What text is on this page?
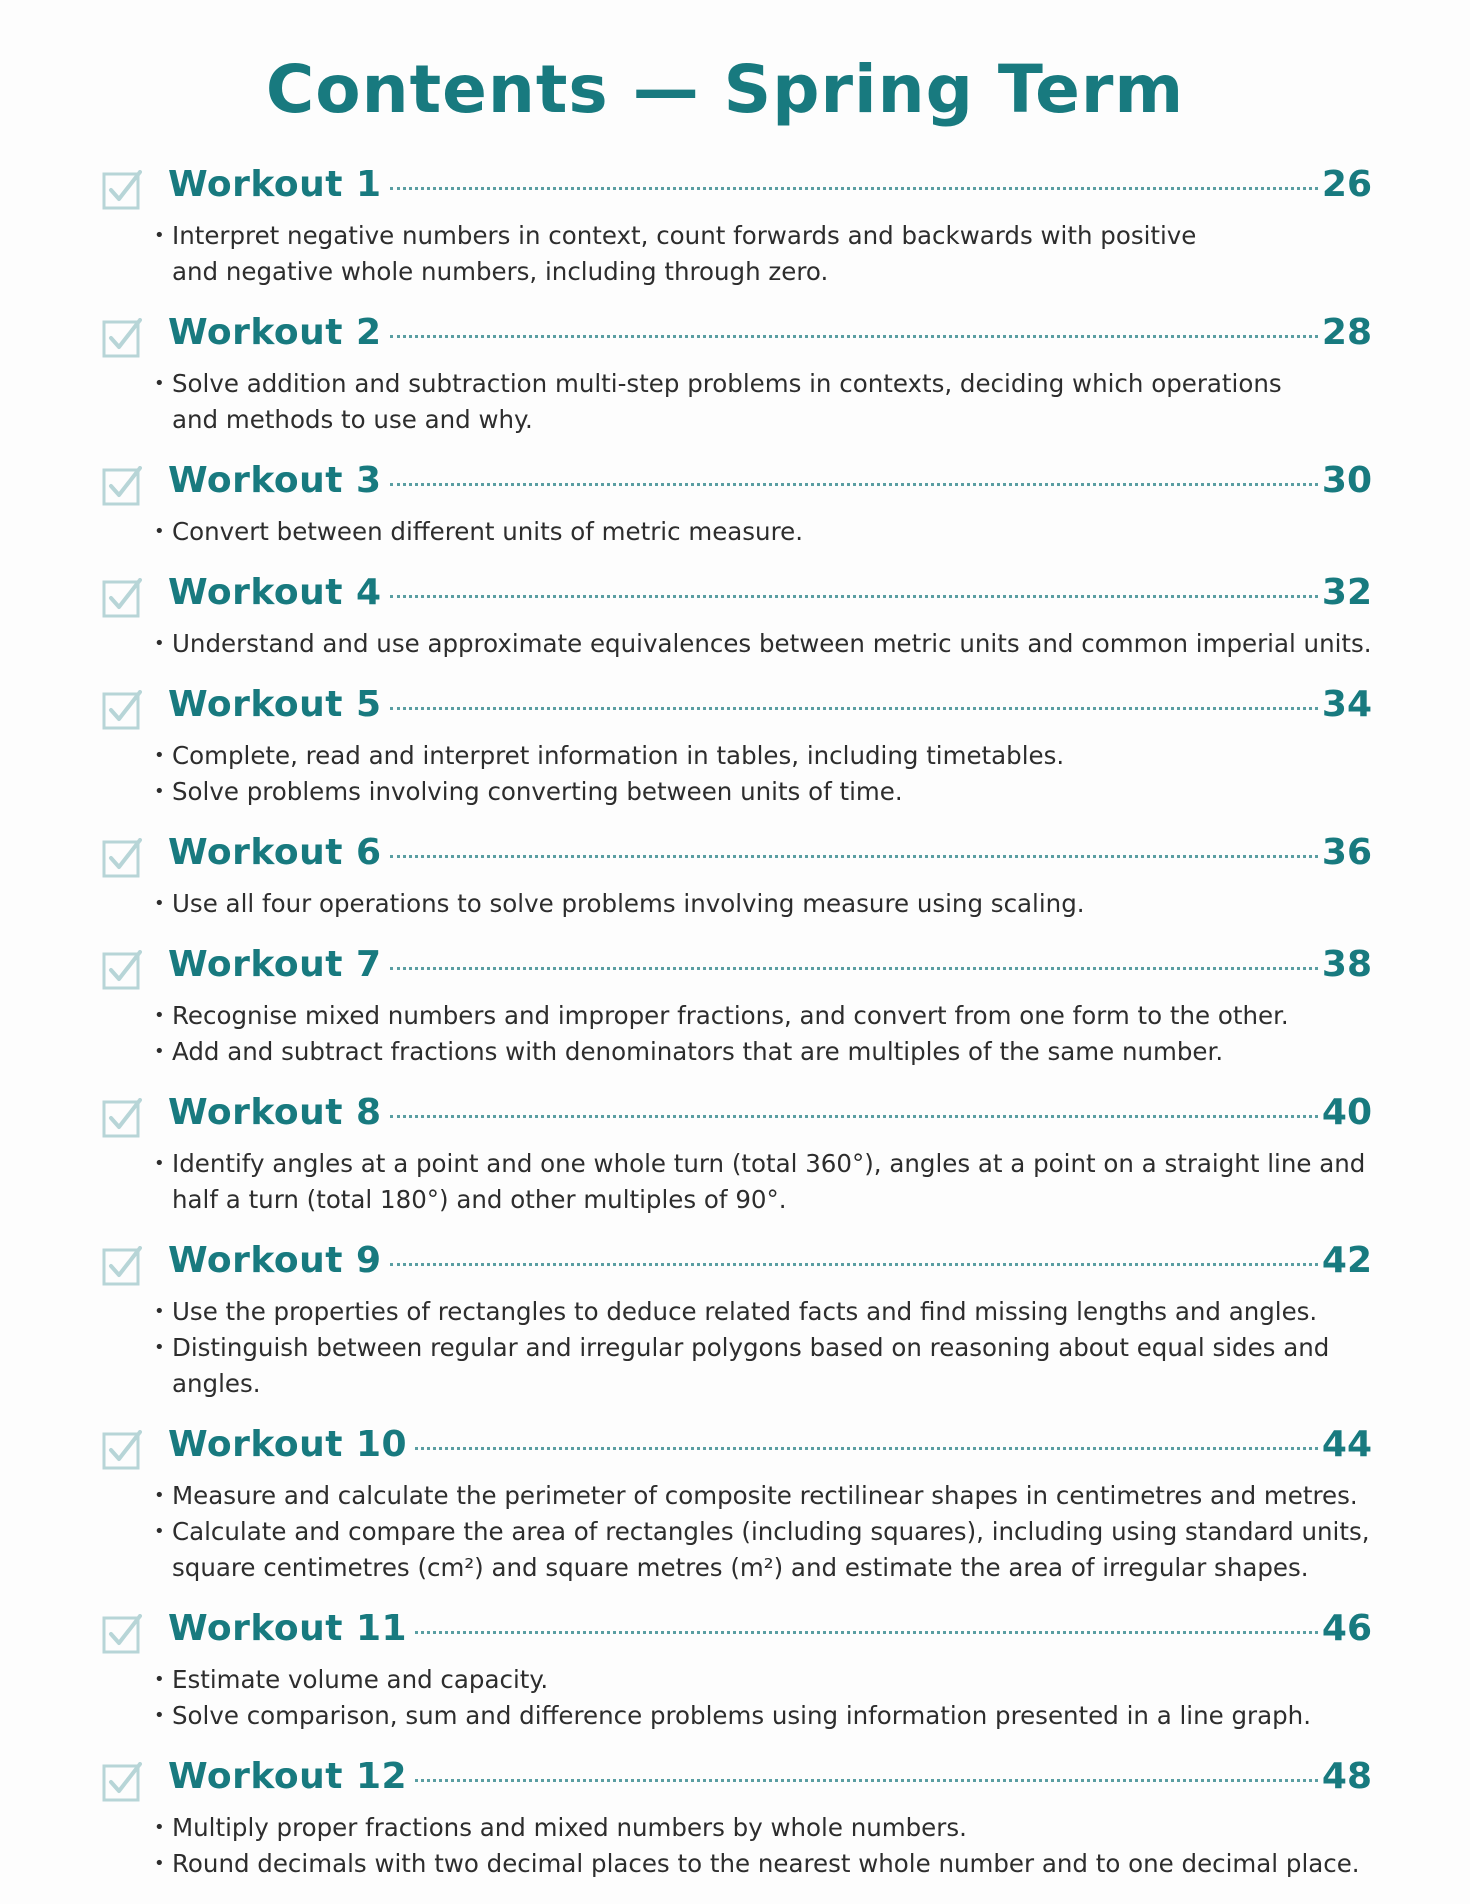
Contents — Spring Term
Workout 1	26
• Interpret negative numbers in context, count forwards and backwards with positive
and negative whole numbers, including through zero.
Workout 2	28
• Solve addition and subtraction multi-step problems in contexts, deciding which operations
and methods to use and why.
Workout 3	30
• Convert between different units of metric measure.
Workout 4	32
• Understand and use approximate equivalences between metric units and common imperial units.
Workout 5	34
• Complete, read and interpret information in tables, including timetables.
• Solve problems involving converting between units of time.
Workout 6	36
• Use all four operations to solve problems involving measure using scaling.
Workout 7	38
• Recognise mixed numbers and improper fractions, and convert from one form to the other.
• Add and subtract fractions with denominators that are multiples of the same number.
Workout 8	40
• Identify angles at a point and one whole turn (total 360°), angles at a point on a straight line and
half a turn (total 180°) and other multiples of 90°.
Workout 9	42
• Use the properties of rectangles to deduce related facts and find missing lengths and angles.
• Distinguish between regular and irregular polygons based on reasoning about equal sides and angles.
Workout 10	44
• Measure and calculate the perimeter of composite rectilinear shapes in centimetres and metres.
• Calculate and compare the area of rectangles (including squares), including using standard units,
square centimetres (cm²) and square metres (m²) and estimate the area of irregular shapes.
Workout 11	46
• Estimate volume and capacity.
• Solve comparison, sum and difference problems using information presented in a line graph.
Workout 12	48
• Multiply proper fractions and mixed numbers by whole numbers.
• Round decimals with two decimal places to the nearest whole number and to one decimal place.
